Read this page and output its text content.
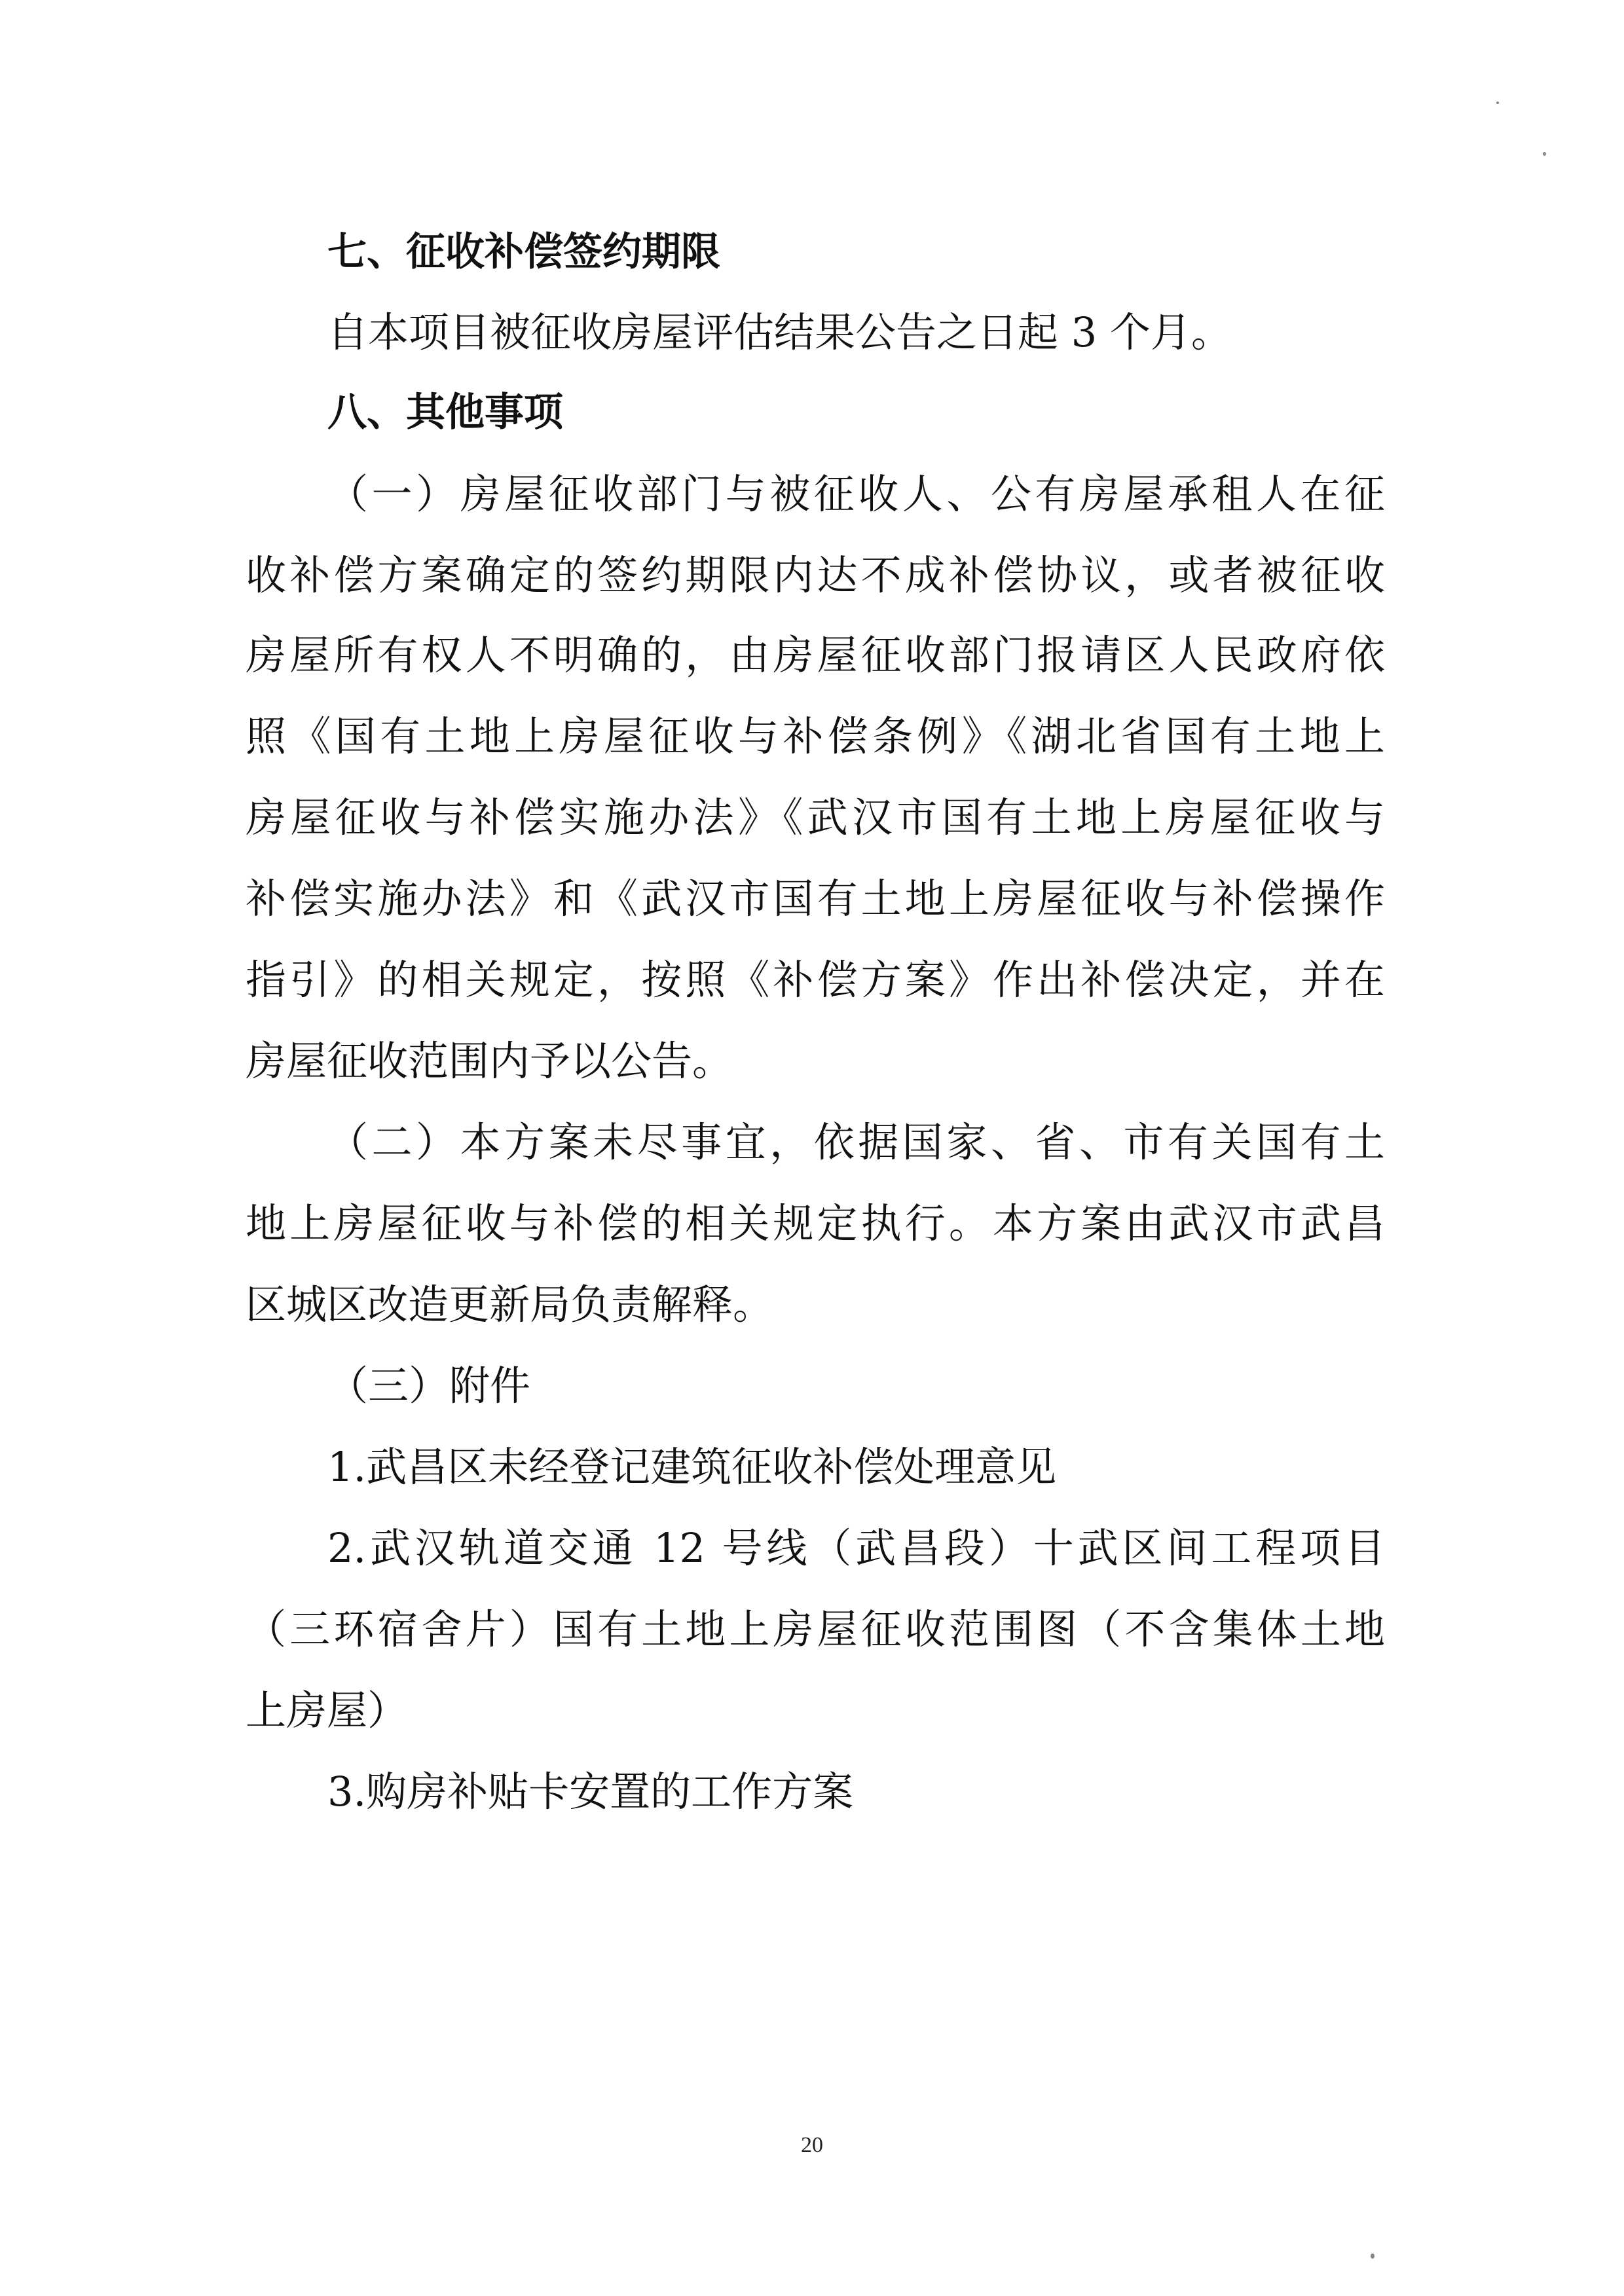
七、征收补偿签约期限
自本项目被征收房屋评估结果公告之日起 3 个月。
八、其他事项
（一）房屋征收部门与被征收人、公有房屋承租人在征
收补偿方案确定的签约期限内达不成补偿协议，或者被征收
房屋所有权人不明确的，由房屋征收部门报请区人民政府依
照《国有土地上房屋征收与补偿条例》《湖北省国有土地上
房屋征收与补偿实施办法》《武汉市国有土地上房屋征收与
补偿实施办法》和《武汉市国有土地上房屋征收与补偿操作
指引》的相关规定，按照《补偿方案》作出补偿决定，并在
房屋征收范围内予以公告。
（二）本方案未尽事宜，依据国家、省、市有关国有土
地上房屋征收与补偿的相关规定执行。本方案由武汉市武昌
区城区改造更新局负责解释。
（三）附件
1.武昌区未经登记建筑征收补偿处理意见
2.武汉轨道交通 12 号线（武昌段）十武区间工程项目
（三环宿舍片）国有土地上房屋征收范围图（不含集体土地
上房屋）
3.购房补贴卡安置的工作方案
20
